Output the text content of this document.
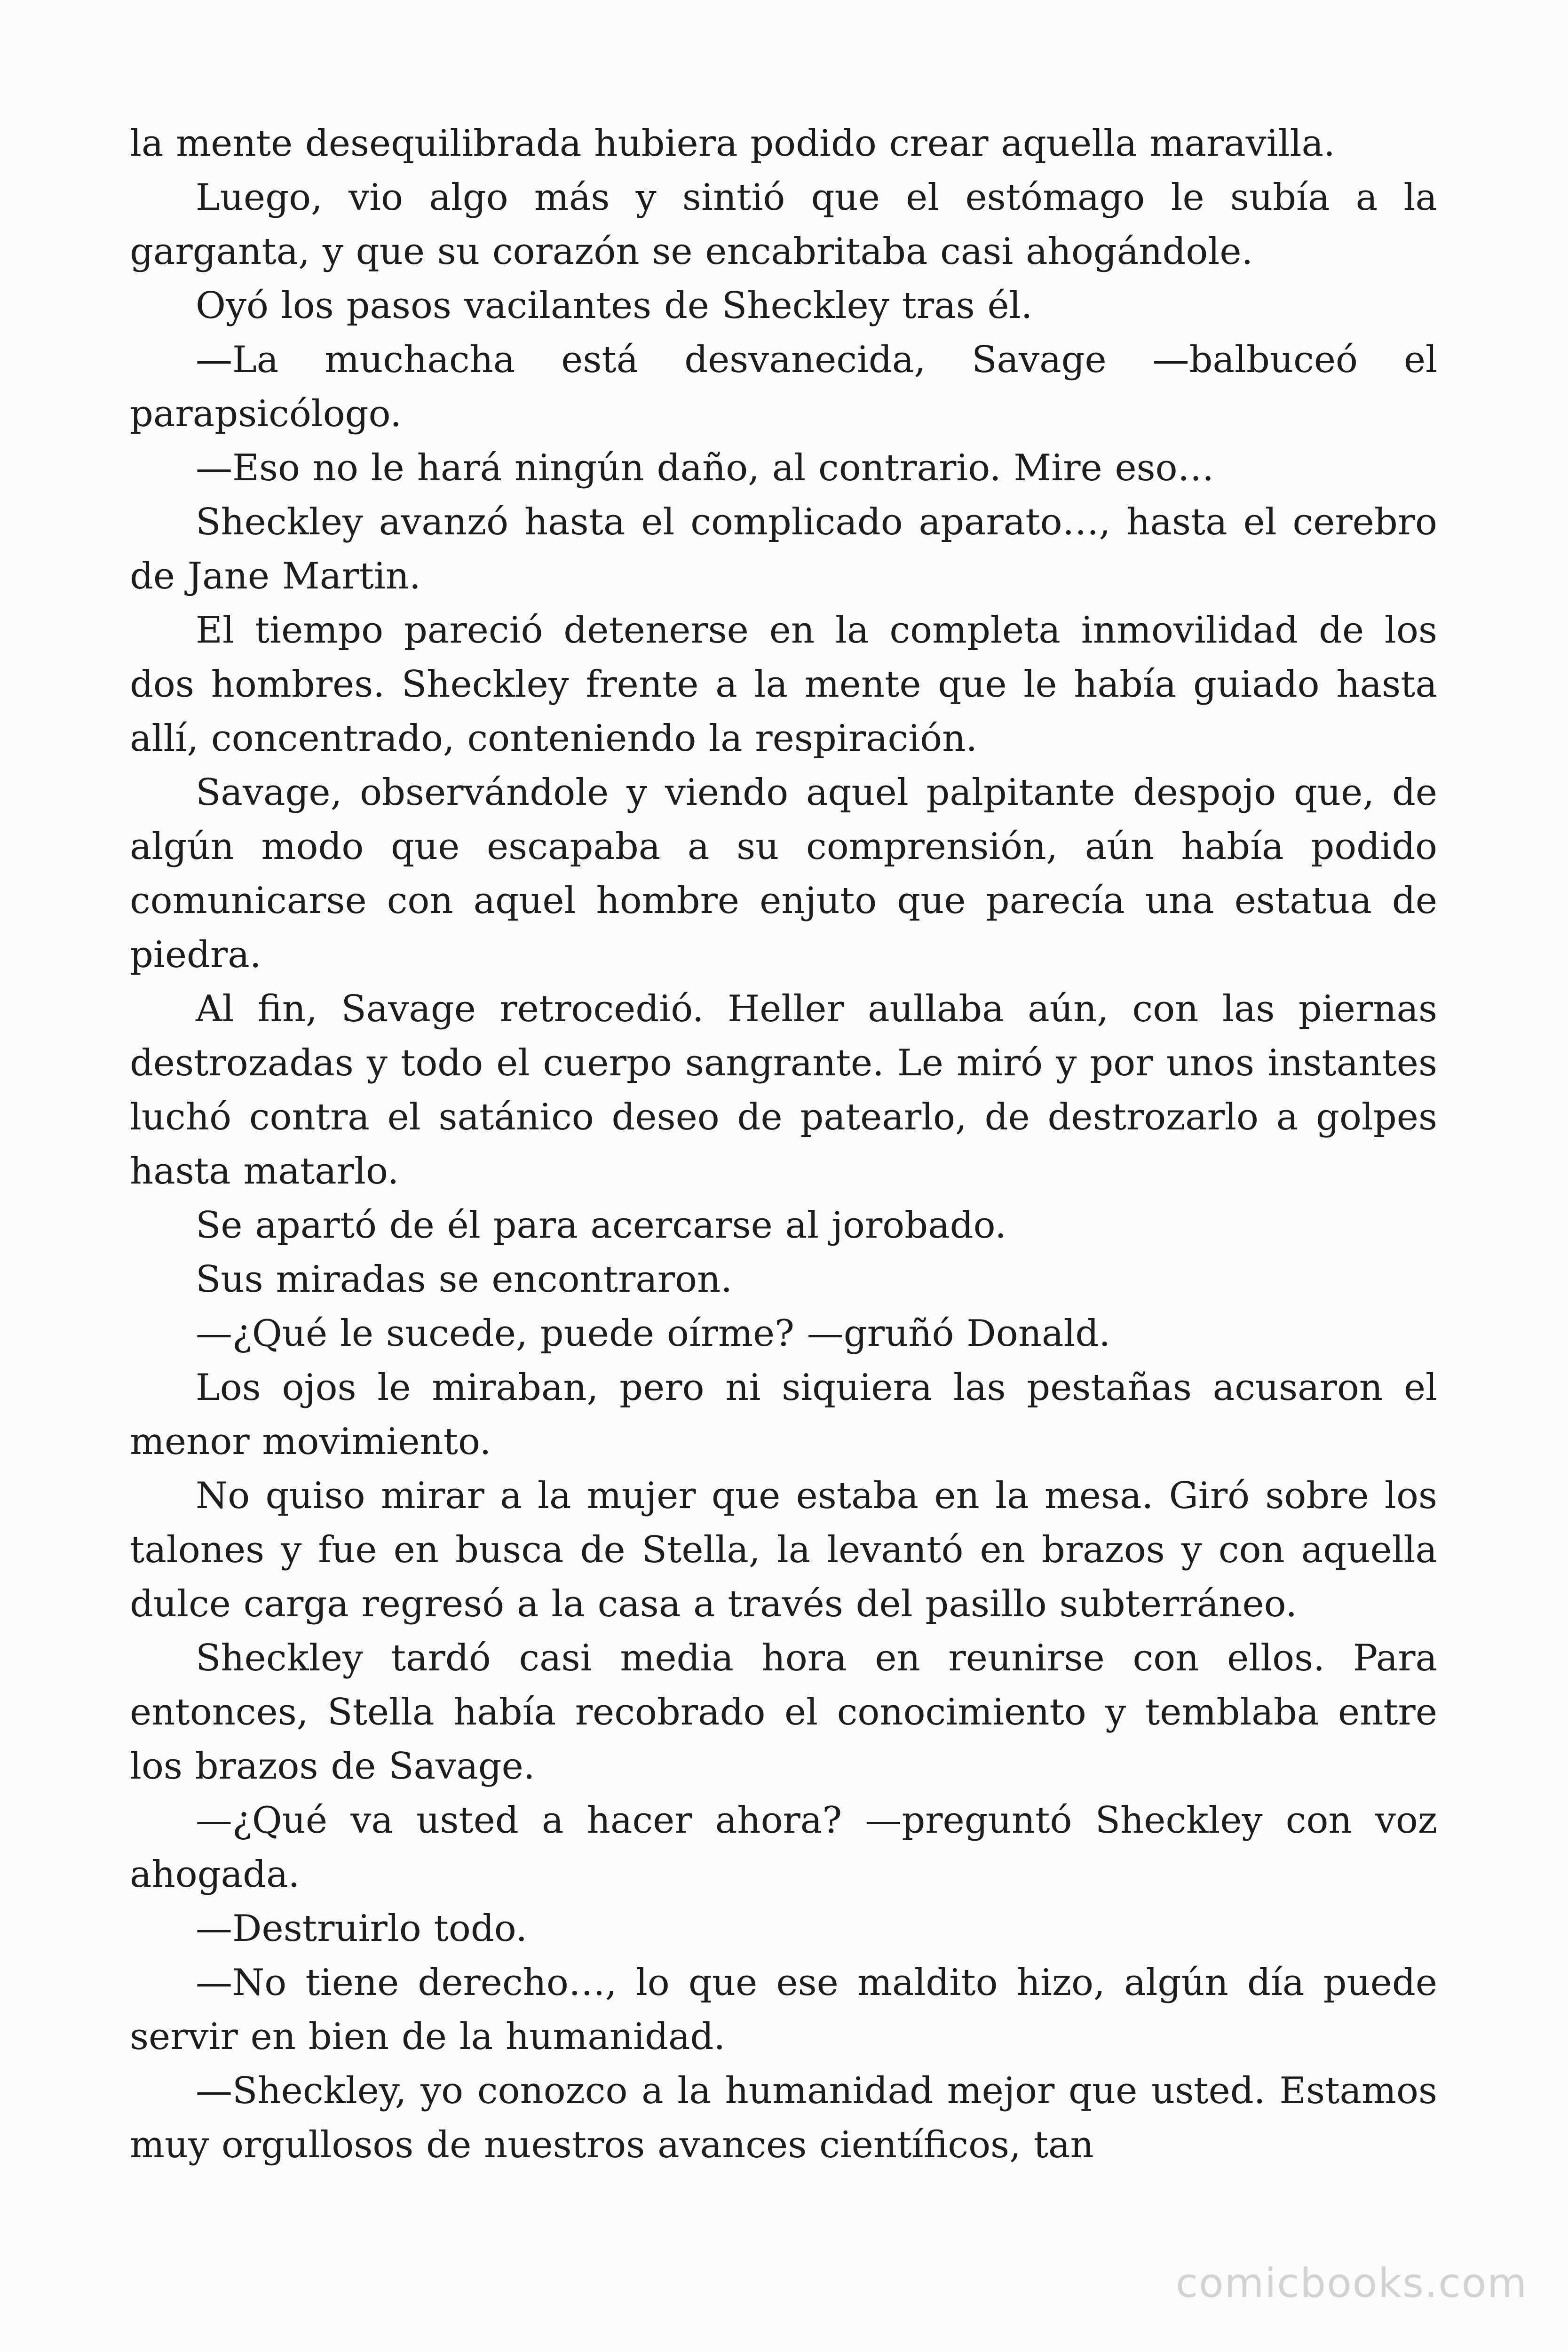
la mente desequilibrada hubiera podido crear aquella maravilla.

Luego, vio algo más y sintió que el estómago le subía a la garganta, y que su corazón se encabritaba casi ahogándole.

Oyó los pasos vacilantes de Sheckley tras él.

—La muchacha está desvanecida, Savage —balbuceó el parapsicólogo.

—Eso no le hará ningún daño, al contrario. Mire eso…

Sheckley avanzó hasta el complicado aparato…, hasta el cerebro de Jane Martin.

El tiempo pareció detenerse en la completa inmovilidad de los dos hombres. Sheckley frente a la mente que le había guiado hasta allí, concentrado, conteniendo la respiración.

Savage, observándole y viendo aquel palpitante despojo que, de algún modo que escapaba a su comprensión, aún había podido comunicarse con aquel hombre enjuto que parecía una estatua de piedra.

Al fin, Savage retrocedió. Heller aullaba aún, con las piernas destrozadas y todo el cuerpo sangrante. Le miró y por unos instantes luchó contra el satánico deseo de patearlo, de destrozarlo a golpes hasta matarlo.

Se apartó de él para acercarse al jorobado.

Sus miradas se encontraron.

—¿Qué le sucede, puede oírme? —gruñó Donald.

Los ojos le miraban, pero ni siquiera las pestañas acusaron el menor movimiento.

No quiso mirar a la mujer que estaba en la mesa. Giró sobre los talones y fue en busca de Stella, la levantó en brazos y con aquella dulce carga regresó a la casa a través del pasillo subterráneo.

Sheckley tardó casi media hora en reunirse con ellos. Para entonces, Stella había recobrado el conocimiento y temblaba entre los brazos de Savage.

—¿Qué va usted a hacer ahora? —preguntó Sheckley con voz ahogada.

—Destruirlo todo.

—No tiene derecho…, lo que ese maldito hizo, algún día puede servir en bien de la humanidad.

—Sheckley, yo conozco a la humanidad mejor que usted. Estamos muy orgullosos de nuestros avances científicos, tan

comicbooks.com
